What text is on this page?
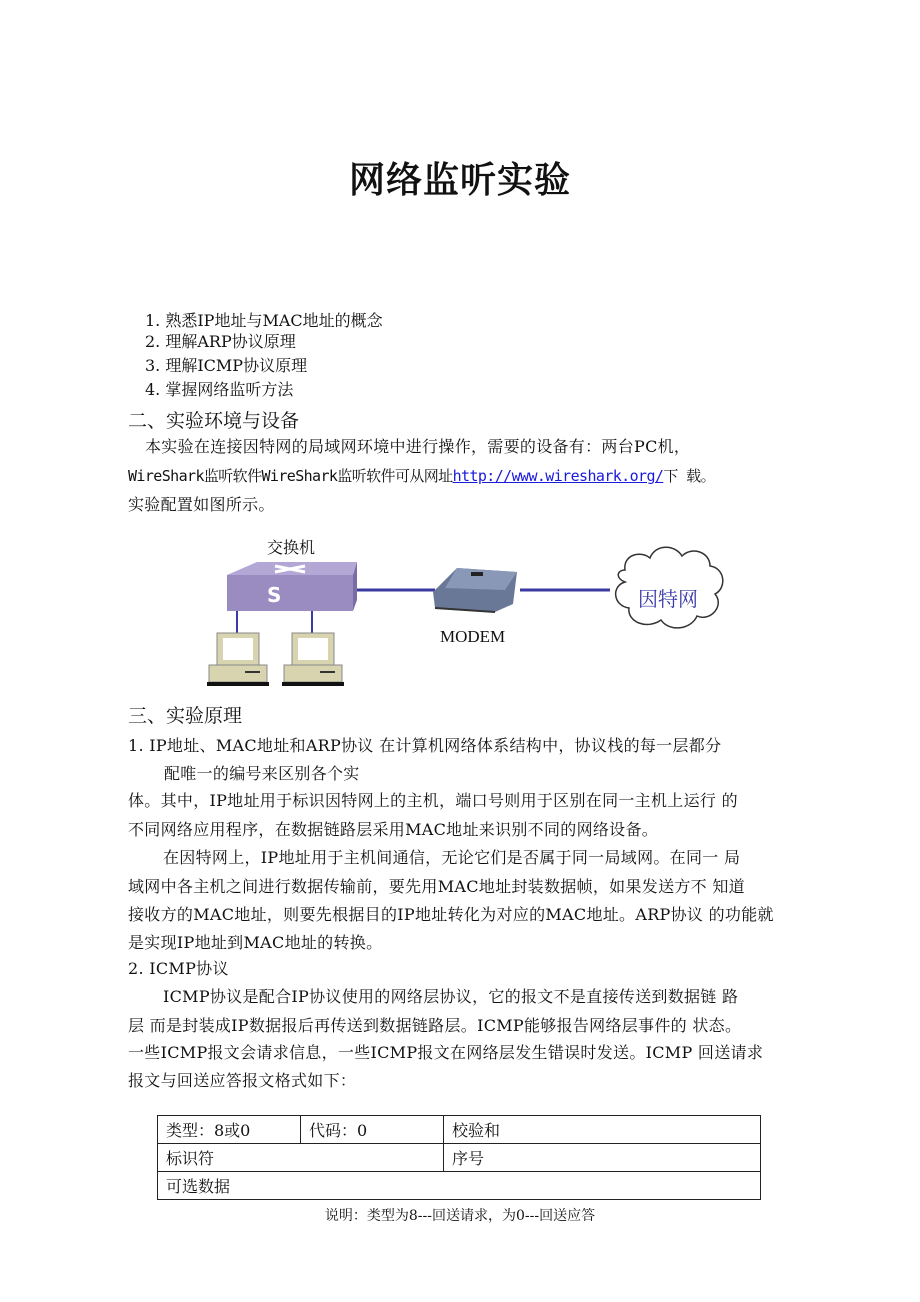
网络监听实验
1. 熟悉IP地址与MAC地址的概念
2. 理解ARP协议原理
3. 理解ICMP协议原理
4. 掌握网络监听方法
二、实验环境与设备
本实验在连接因特网的局域网环境中进行操作，需要的设备有：两台PC机，
WireShark监听软件WireShark监听软件可从网址http://www.wireshark.org/下 载。
实验配置如图所示。
交换机
S
MODEM
因特网
三、实验原理
1. IP地址、MAC地址和ARP协议 在计算机网络体系结构中，协议栈的每一层都分
配唯一的编号来区别各个实
体。其中，IP地址用于标识因特网上的主机，端口号则用于区别在同一主机上运行 的
不同网络应用程序，在数据链路层采用MAC地址来识别不同的网络设备。
在因特网上，IP地址用于主机间通信，无论它们是否属于同一局域网。在同一 局
域网中各主机之间进行数据传输前，要先用MAC地址封装数据帧，如果发送方不 知道
接收方的MAC地址，则要先根据目的IP地址转化为对应的MAC地址。ARP协议 的功能就
是实现IP地址到MAC地址的转换。
2. ICMP协议
ICMP协议是配合IP协议使用的网络层协议，它的报文不是直接传送到数据链 路
层 而是封装成IP数据报后再传送到数据链路层。ICMP能够报告网络层事件的 状态。
一些ICMP报文会请求信息，一些ICMP报文在网络层发生错误时发送。ICMP 回送请求
报文与回送应答报文格式如下：
类型：8或0	代码：0	校验和
标识符		序号
可选数据		
说明：类型为8---回送请求，为0---回送应答
